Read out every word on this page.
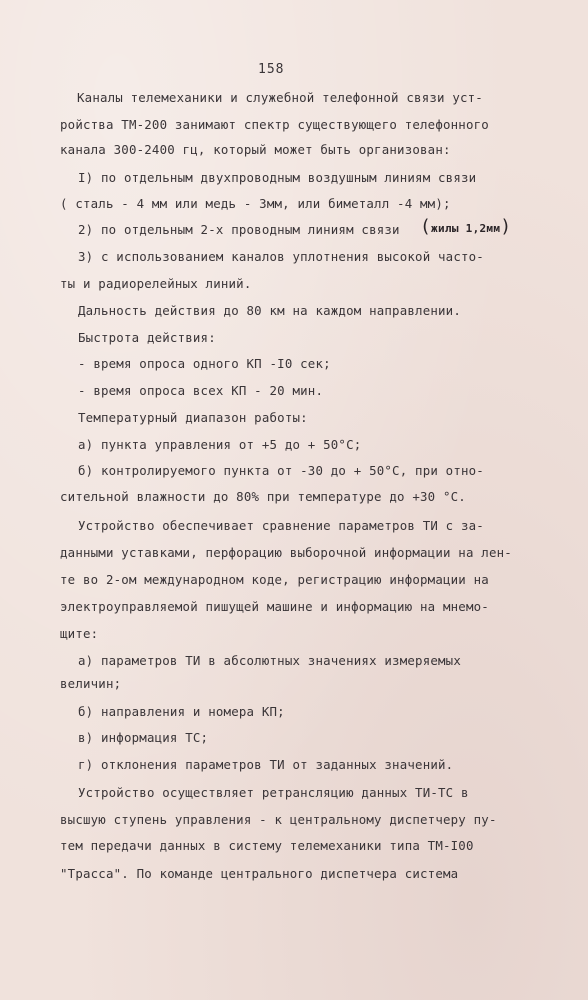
158
Каналы телемеханики и служебной телефонной связи уст-
ройства ТМ-200 занимают спектр существующего телефонного
канала 300-2400 гц, который может быть организован:
I) по отдельным двухпроводным воздушным линиям связи
( сталь - 4 мм или медь - 3мм, или биметалл -4 мм);
2) по отдельным 2-х проводным линиям связи (жилы 1,2мм)
3) с использованием каналов уплотнения высокой часто-
ты и радиорелейных линий.
Дальность действия до 80 км на каждом направлении.
Быстрота действия:
- время опроса одного КП -I0 сек;
- время опроса всех КП - 20 мин.
Температурный диапазон работы:
а) пункта управления от +5 до + 50°С;
б) контролируемого пункта от -30 до + 50°С, при отно-
сительной влажности до 80% при температуре до +30 °С.
Устройство обеспечивает сравнение параметров ТИ с за-
данными уставками, перфорацию выборочной информации на лен-
те во 2-ом международном коде, регистрацию информации на
электроуправляемой пишущей машине и информацию на мнемо-
щите:
а) параметров ТИ в абсолютных значениях измеряемых
величин;
б) направления и номера КП;
в) информация ТС;
г) отклонения параметров ТИ от заданных значений.
Устройство осуществляет ретрансляцию данных ТИ-ТС в
высшую ступень управления - к центральному диспетчеру пу-
тем передачи данных в систему телемеханики типа ТМ-I00
"Трасса". По команде центрального диспетчера система
